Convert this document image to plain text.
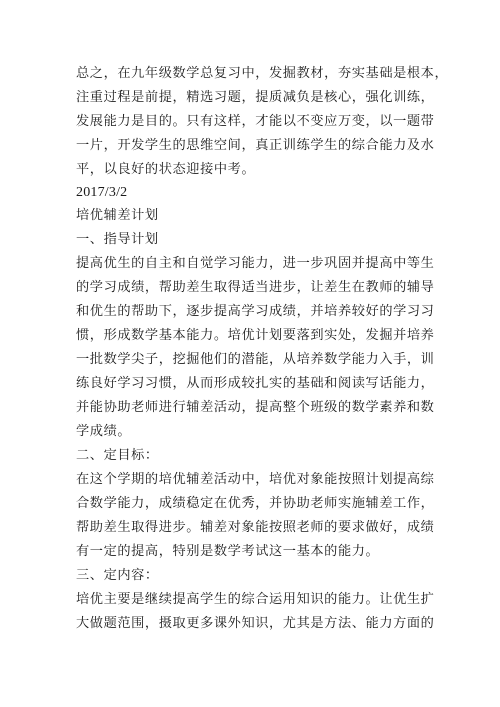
总之，在九年级数学总复习中，发掘教材，夯实基础是根本，
注重过程是前提，精选习题，提质减负是核心，强化训练，
发展能力是目的。只有这样，才能以不变应万变，以一题带
一片，开发学生的思维空间，真正训练学生的综合能力及水
平，以良好的状态迎接中考。
2017/3/2
培优辅差计划
一、指导计划
提高优生的自主和自觉学习能力，进一步巩固并提高中等生
的学习成绩，帮助差生取得适当进步，让差生在教师的辅导
和优生的帮助下，逐步提高学习成绩，并培养较好的学习习
惯，形成数学基本能力。培优计划要落到实处，发掘并培养
一批数学尖子，挖掘他们的潜能，从培养数学能力入手，训
练良好学习习惯，从而形成较扎实的基础和阅读写话能力，
并能协助老师进行辅差活动，提高整个班级的数学素养和数
学成绩。
二、定目标：
在这个学期的培优辅差活动中，培优对象能按照计划提高综
合数学能力，成绩稳定在优秀，并协助老师实施辅差工作，
帮助差生取得进步。辅差对象能按照老师的要求做好，成绩
有一定的提高，特别是数学考试这一基本的能力。
三、定内容：
培优主要是继续提高学生的综合运用知识的能力。让优生扩
大做题范围，摄取更多课外知识，尤其是方法、能力方面的
